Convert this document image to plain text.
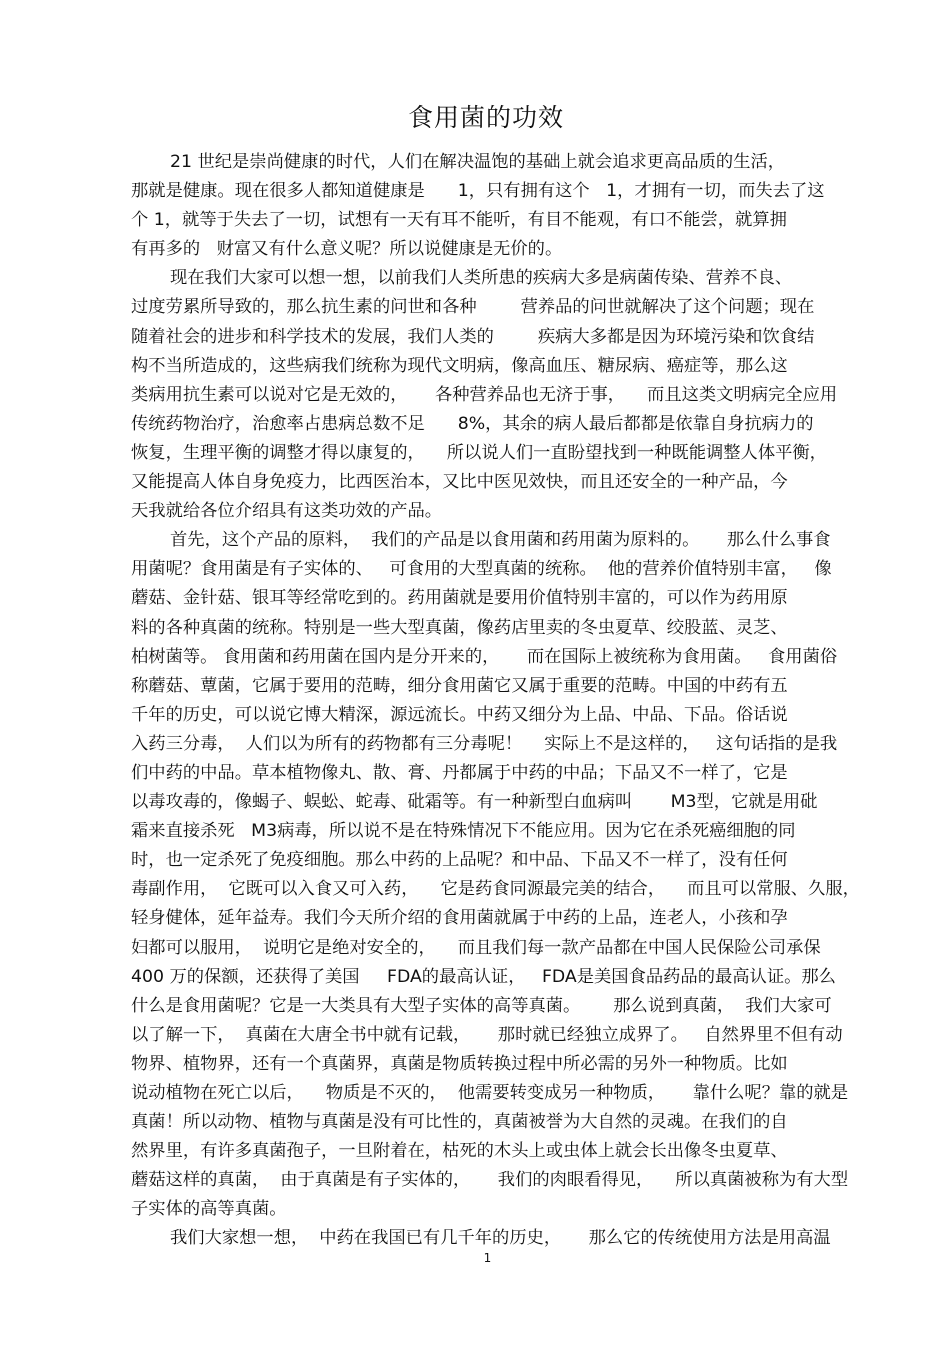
食用菌的功效
21 世纪是崇尚健康的时代，人们在解决温饱的基础上就会追求更高品质的生活，
那就是健康。现在很多人都知道健康是      1，只有拥有这个   1，才拥有一切，而失去了这
个 1，就等于失去了一切，试想有一天有耳不能听，有目不能观，有口不能尝，就算拥
有再多的   财富又有什么意义呢？所以说健康是无价的。
现在我们大家可以想一想，以前我们人类所患的疾病大多是病菌传染、营养不良、
过度劳累所导致的，那么抗生素的问世和各种        营养品的问世就解决了这个问题；现在
随着社会的进步和科学技术的发展，我们人类的        疾病大多都是因为环境污染和饮食结
构不当所造成的，这些病我们统称为现代文明病，像高血压、糖尿病、癌症等，那么这
类病用抗生素可以说对它是无效的，     各种营养品也无济于事，    而且这类文明病完全应用
传统药物治疗，治愈率占患病总数不足      8%，其余的病人最后都都是依靠自身抗病力的
恢复，生理平衡的调整才得以康复的，    所以说人们一直盼望找到一种既能调整人体平衡，
又能提高人体自身免疫力，比西医治本，又比中医见效快，而且还安全的一种产品，今
天我就给各位介绍具有这类功效的产品。
首先，这个产品的原料，  我们的产品是以食用菌和药用菌为原料的。     那么什么事食
用菌呢？食用菌是有子实体的、   可食用的大型真菌的统称。  他的营养价值特别丰富，   像
蘑菇、金针菇、银耳等经常吃到的。药用菌就是要用价值特别丰富的，可以作为药用原
料的各种真菌的统称。特别是一些大型真菌，像药店里卖的冬虫夏草、绞股蓝、灵芝、
柏树菌等。 食用菌和药用菌在国内是分开来的，     而在国际上被统称为食用菌。   食用菌俗
称蘑菇、蕈菌，它属于要用的范畴，细分食用菌它又属于重要的范畴。中国的中药有五
千年的历史，可以说它博大精深，源远流长。中药又细分为上品、中品、下品。俗话说
入药三分毒，  人们以为所有的药物都有三分毒呢！    实际上不是这样的，   这句话指的是我
们中药的中品。草本植物像丸、散、膏、丹都属于中药的中品；下品又不一样了，它是
以毒攻毒的，像蝎子、蜈蚣、蛇毒、砒霜等。有一种新型白血病叫       M3型，它就是用砒
霜来直接杀死   M3病毒，所以说不是在特殊情况下不能应用。因为它在杀死癌细胞的同
时，也一定杀死了免疫细胞。那么中药的上品呢？和中品、下品又不一样了，没有任何
毒副作用，  它既可以入食又可入药，    它是药食同源最完美的结合，    而且可以常服、久服，
轻身健体，延年益寿。我们今天所介绍的食用菌就属于中药的上品，连老人，小孩和孕
妇都可以服用，  说明它是绝对安全的，    而且我们每一款产品都在中国人民保险公司承保
400 万的保额，还获得了美国     FDA的最高认证，   FDA是美国食品药品的最高认证。那么
什么是食用菌呢？它是一大类具有大型子实体的高等真菌。      那么说到真菌，  我们大家可
以了解一下，  真菌在大唐全书中就有记载，     那时就已经独立成界了。   自然界里不但有动
物界、植物界，还有一个真菌界，真菌是物质转换过程中所必需的另外一种物质。比如
说动植物在死亡以后，    物质是不灭的，  他需要转变成另一种物质，     靠什么呢？靠的就是
真菌！所以动物、植物与真菌是没有可比性的，真菌被誉为大自然的灵魂。在我们的自
然界里，有许多真菌孢子，一旦附着在，枯死的木头上或虫体上就会长出像冬虫夏草、
蘑菇这样的真菌，  由于真菌是有子实体的，     我们的肉眼看得见，    所以真菌被称为有大型
子实体的高等真菌。
我们大家想一想，  中药在我国已有几千年的历史，     那么它的传统使用方法是用高温
1
